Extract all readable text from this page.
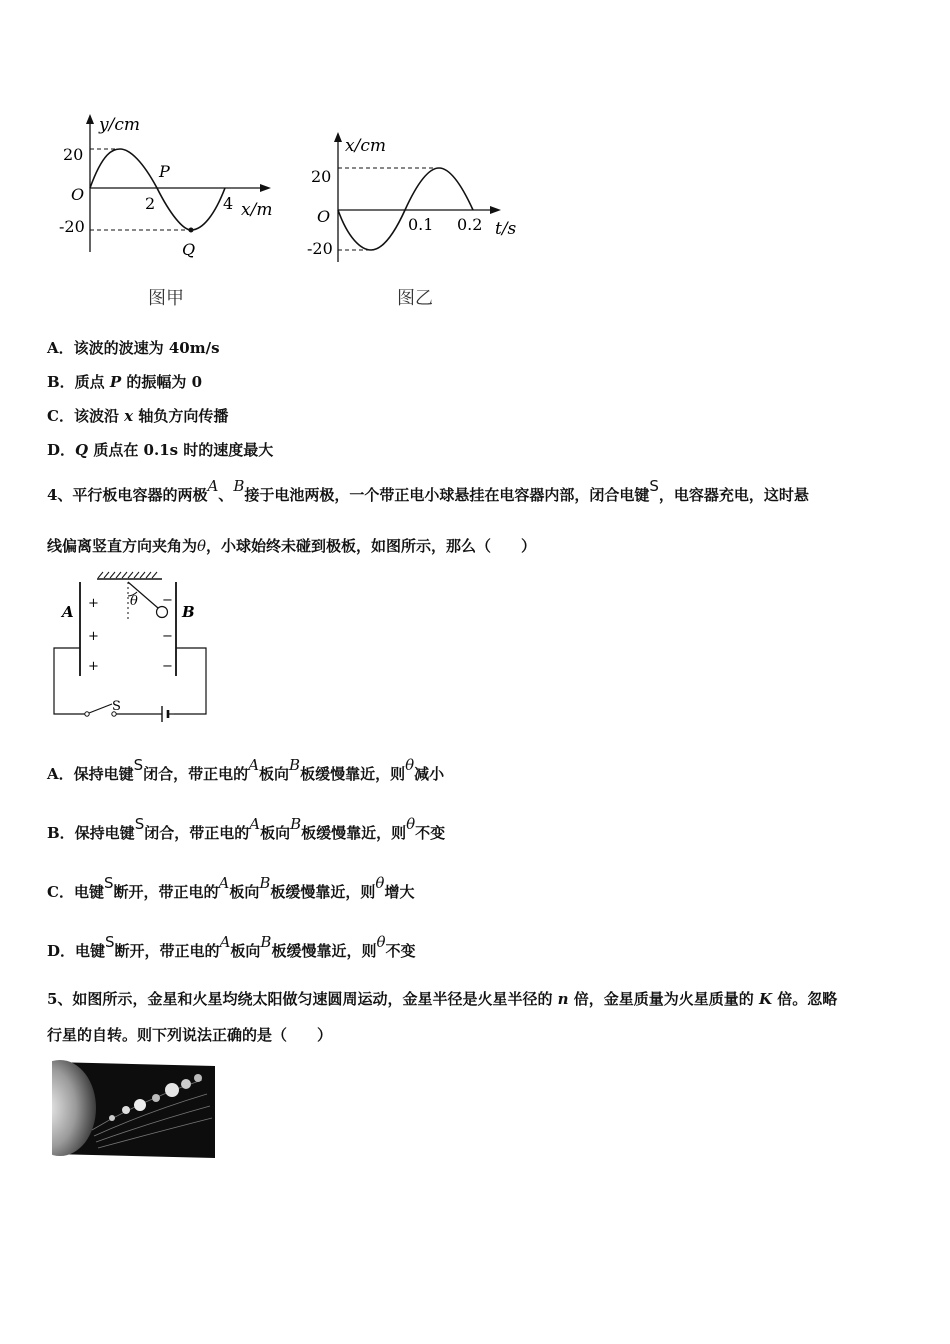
y/cm
20
O
-20
P
2	4 x/m
Q
图甲
x/cm
20
O
-20
0.1 0.2 t/s
图乙
A．该波的波速为 40m/s
B．质点 P 的振幅为 0
C．该波沿 x 轴负方向传播
D．Q 质点在 0.1s 时的速度最大
4、平行板电容器的两极A、B接于电池两极，一个带正电小球悬挂在电容器内部，闭合电键S，电容器充电，这时悬
线偏离竖直方向夹角为θ，小球始终未碰到极板，如图所示，那么（　　）
A	B
+
+
+
−
−
−
θ
S
A．保持电键S闭合，带正电的A板向B板缓慢靠近，则θ减小
B．保持电键S闭合，带正电的A板向B板缓慢靠近，则θ不变
C．电键S断开，带正电的A板向B板缓慢靠近，则θ增大
D．电键S断开，带正电的A板向B板缓慢靠近，则θ不变
5、如图所示，金星和火星均绕太阳做匀速圆周运动，金星半径是火星半径的 n 倍，金星质量为火星质量的 K 倍。忽略
行星的自转。则下列说法正确的是（　　）
